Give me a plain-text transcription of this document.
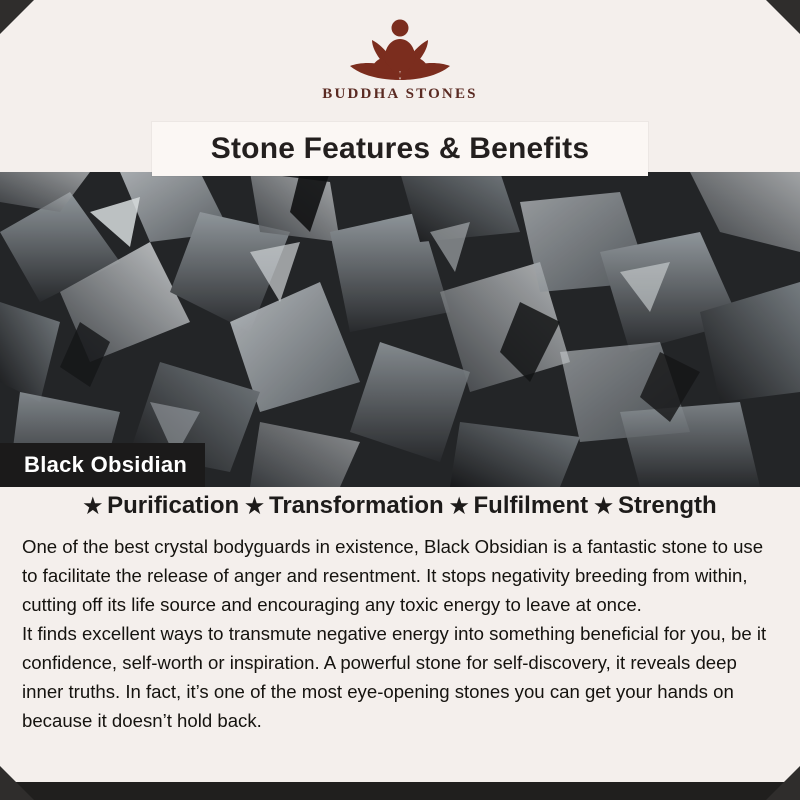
BUDDHA STONES
Stone Features & Benefits
Black Obsidian
★ Purification ★ Transformation ★ Fulfilment ★ Strength

One of the best crystal bodyguards in existence, Black Obsidian is a fantastic stone to use to facilitate the release of anger and resentment. It stops negativity breeding from within, cutting off its life source and encouraging any toxic energy to leave at once.

It finds excellent ways to transmute negative energy into something beneficial for you, be it confidence, self-worth or inspiration. A powerful stone for self-discovery, it reveals deep inner truths. In fact, it’s one of the most eye-opening stones you can get your hands on because it doesn’t hold back.
